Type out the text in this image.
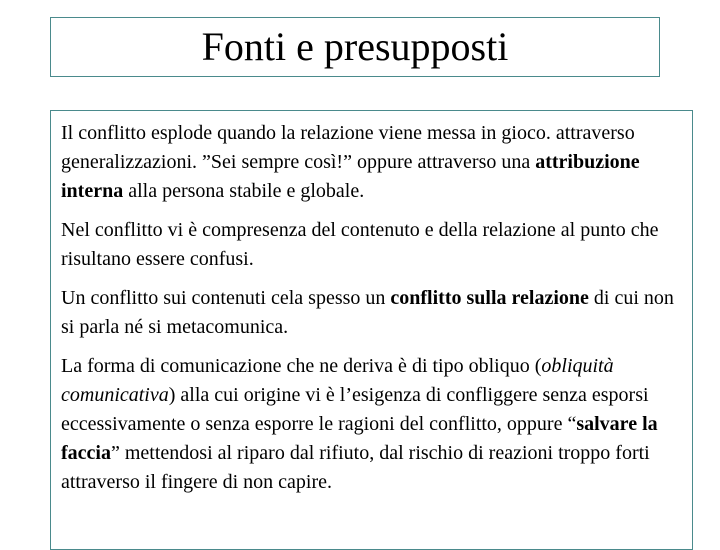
Fonti e presupposti

Il conflitto esplode quando la relazione viene messa in gioco. attraverso generalizzazioni. ”Sei sempre così!” oppure attraverso una attribuzione interna alla persona stabile e globale.

Nel conflitto vi è compresenza del contenuto e della relazione al punto che risultano essere confusi.

Un conflitto sui contenuti cela spesso un conflitto sulla relazione di cui non si parla né si metacomunica.

La forma di comunicazione che ne deriva è di tipo obliquo (obliquità comunicativa) alla cui origine vi è l’esigenza di confliggere senza esporsi eccessivamente o senza esporre le ragioni del conflitto, oppure “salvare la faccia” mettendosi al riparo dal rifiuto, dal rischio di reazioni troppo forti attraverso il fingere di non capire.
